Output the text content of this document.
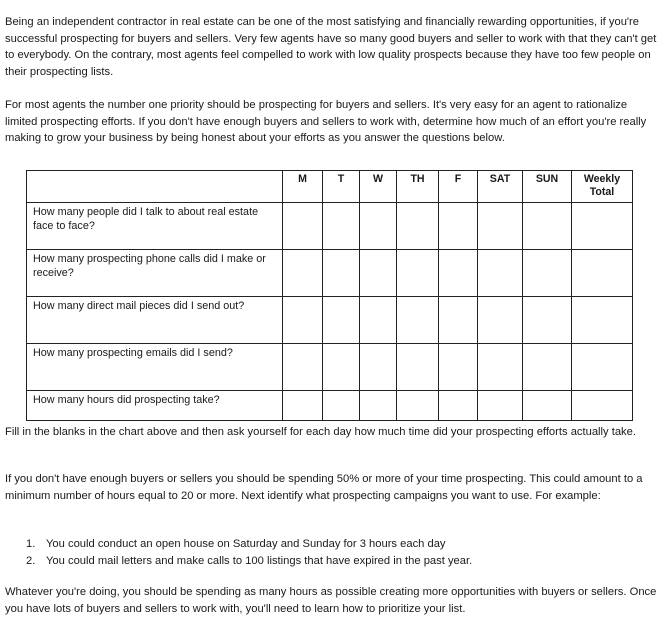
Being an independent contractor in real estate can be one of the most satisfying and financially rewarding opportunities, if you're successful prospecting for buyers and sellers. Very few agents have so many good buyers and seller to work with that they can't get to everybody. On the contrary, most agents feel compelled to work with low quality prospects because they have too few people on their prospecting lists.

For most agents the number one priority should be prospecting for buyers and sellers. It's very easy for an agent to rationalize limited prospecting efforts. If you don't have enough buyers and sellers to work with, determine how much of an effort you're really making to grow your business by being honest about your efforts as you answer the questions below.

	M	T	W	TH	F	SAT	SUN	Weekly Total
How many people did I talk to about real estate face to face?								
How many prospecting phone calls did I make or receive?								
How many direct mail pieces did I send out?								
How many prospecting emails did I send?								
How many hours did prospecting take?								

Fill in the blanks in the chart above and then ask yourself for each day how much time did your prospecting efforts actually take.

If you don't have enough buyers or sellers you should be spending 50% or more of your time prospecting. This could amount to a minimum number of hours equal to 20 or more. Next identify what prospecting campaigns you want to use. For example:

1. You could conduct an open house on Saturday and Sunday for 3 hours each day
2. You could mail letters and make calls to 100 listings that have expired in the past year.

Whatever you're doing, you should be spending as many hours as possible creating more opportunities with buyers or sellers. Once you have lots of buyers and sellers to work with, you'll need to learn how to prioritize your list.
